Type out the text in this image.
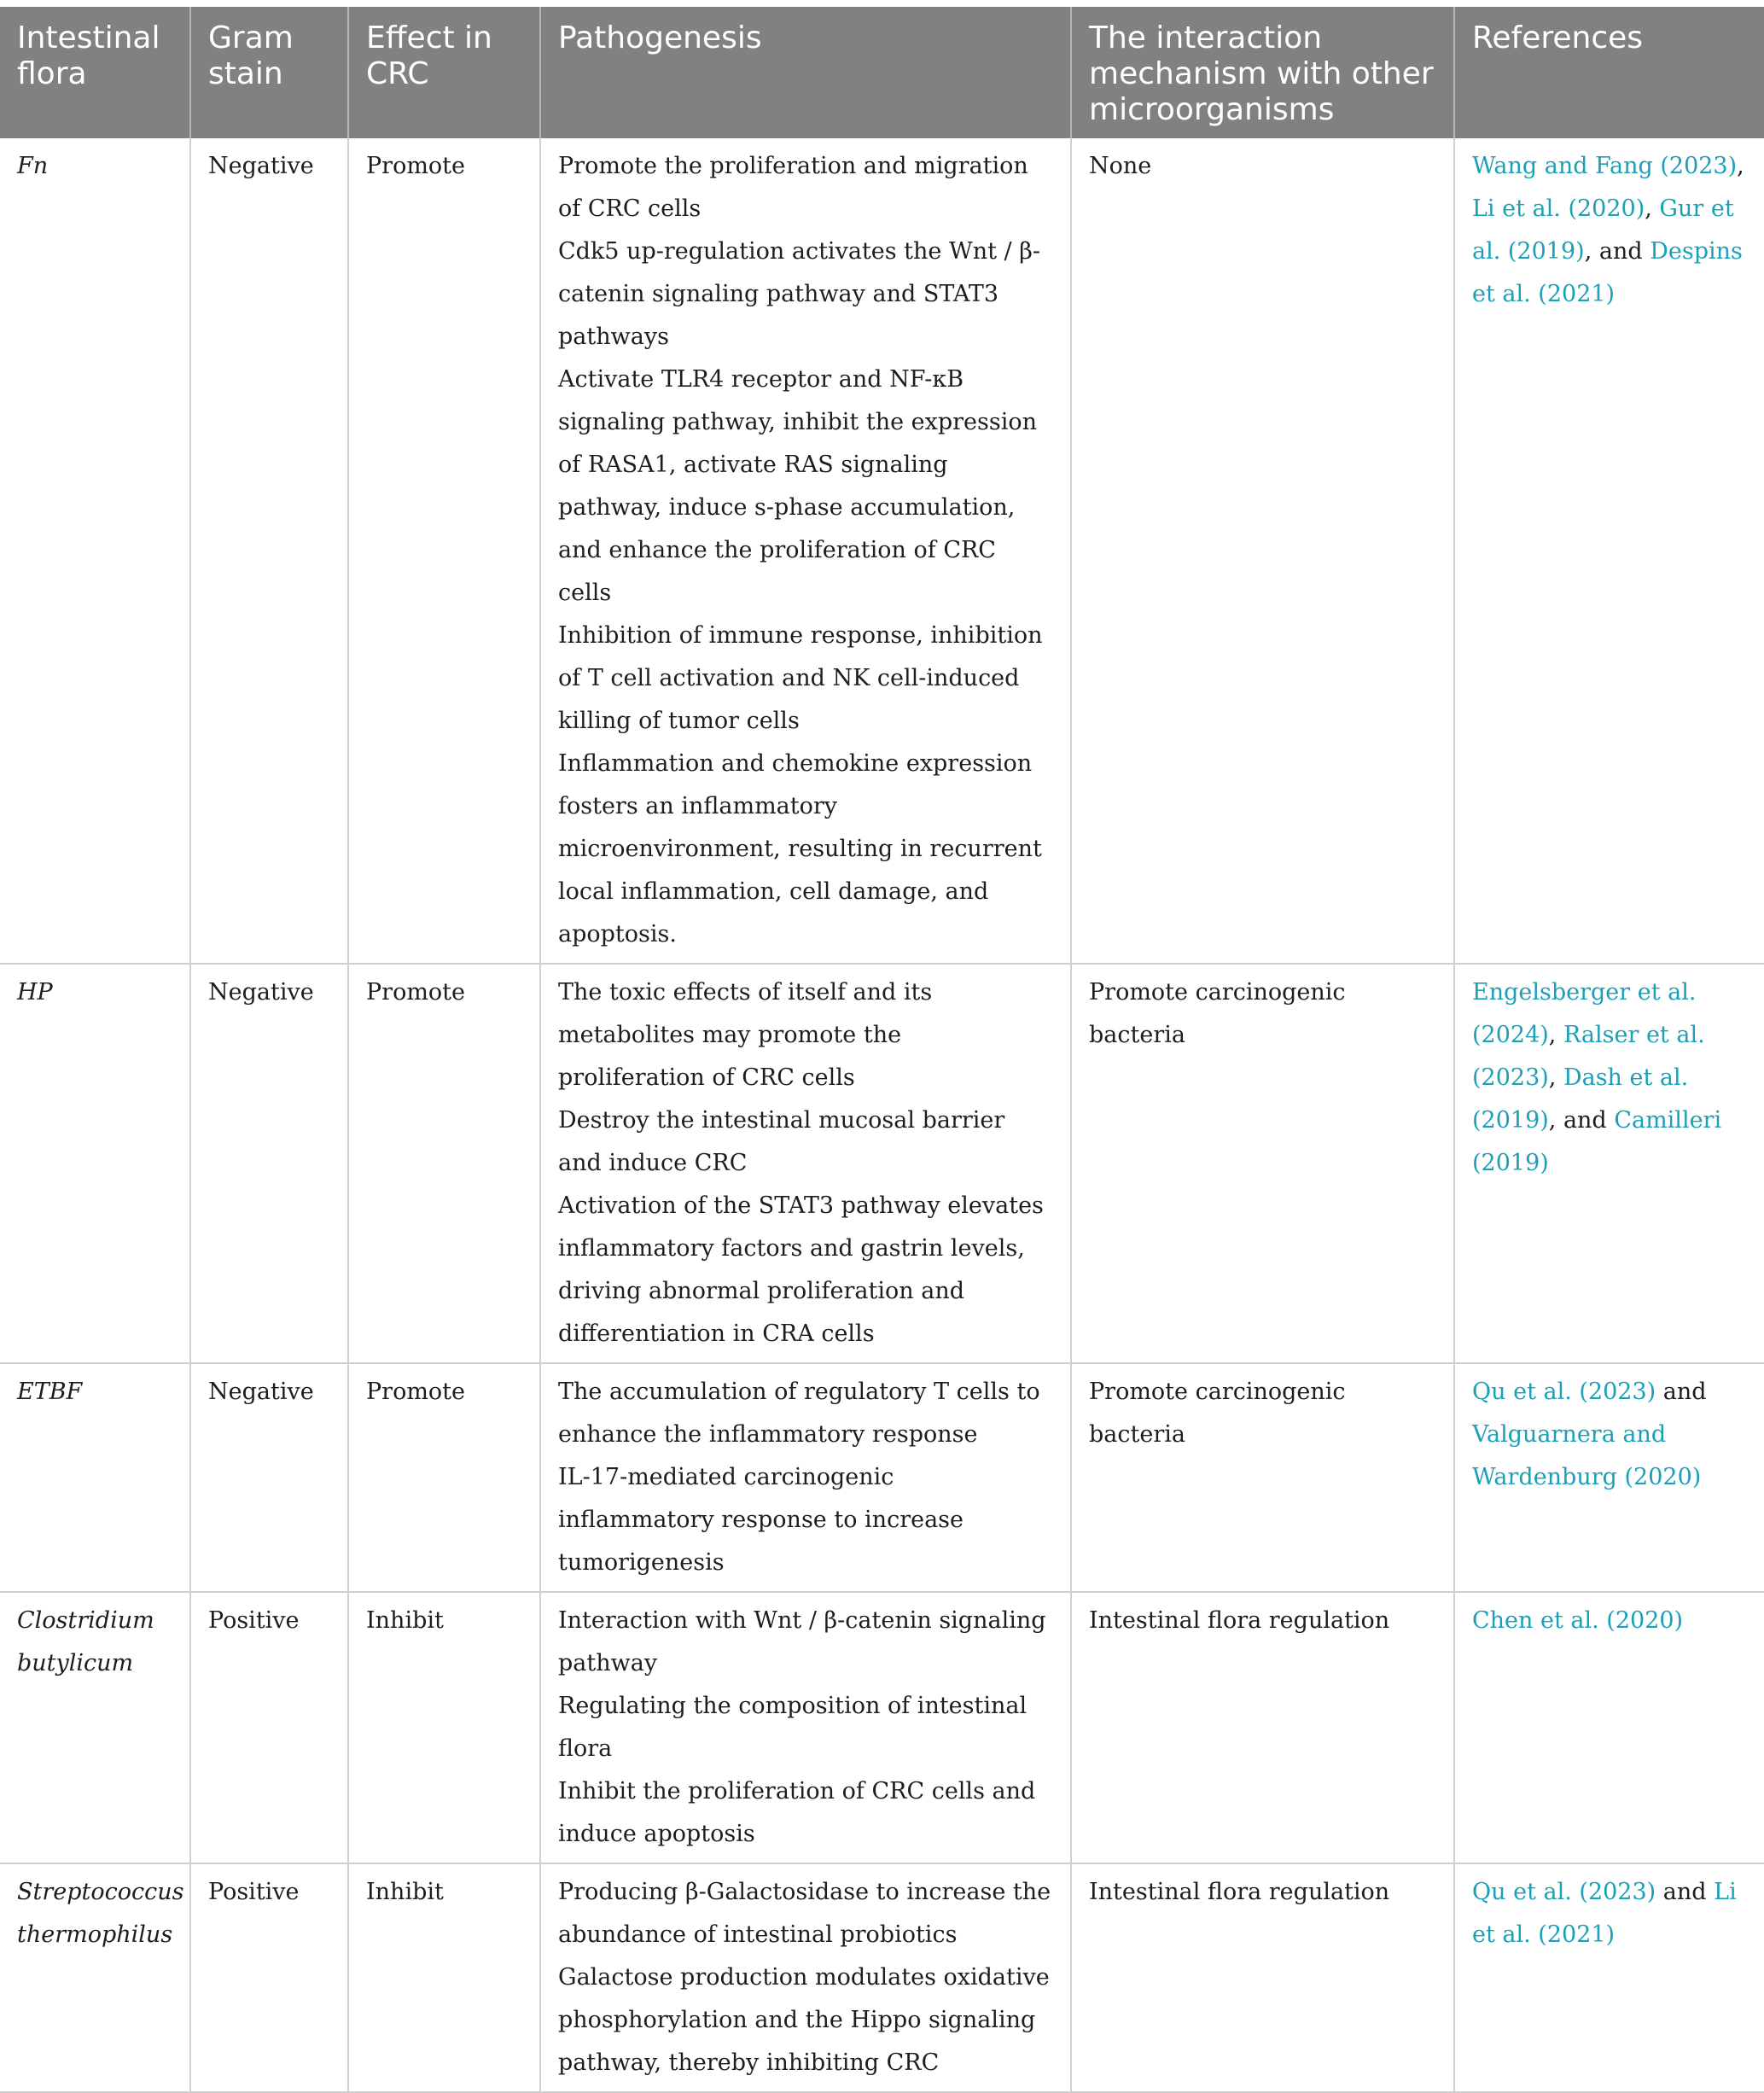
Intestinal flora	Gram stain	Effect in CRC	Pathogenesis	The interaction mechanism with other microorganisms	References
Fn	Negative	Promote	Promote the proliferation and migration of CRC cells
Cdk5 up-regulation activates the Wnt / β-catenin signaling pathway and STAT3 pathways
Activate TLR4 receptor and NF-κB signaling pathway, inhibit the expression of RASA1, activate RAS signaling pathway, induce s-phase accumulation, and enhance the proliferation of CRC cells
Inhibition of immune response, inhibition of T cell activation and NK cell-induced killing of tumor cells
Inflammation and chemokine expression fosters an inflammatory microenvironment, resulting in recurrent local inflammation, cell damage, and apoptosis.	None	Wang and Fang (2023), Li et al. (2020), Gur et al. (2019), and Despins et al. (2021)
HP	Negative	Promote	The toxic effects of itself and its metabolites may promote the proliferation of CRC cells
Destroy the intestinal mucosal barrier and induce CRC
Activation of the STAT3 pathway elevates inflammatory factors and gastrin levels, driving abnormal proliferation and differentiation in CRA cells	Promote carcinogenic bacteria	Engelsberger et al. (2024), Ralser et al. (2023), Dash et al. (2019), and Camilleri (2019)
ETBF	Negative	Promote	The accumulation of regulatory T cells to enhance the inflammatory response
IL-17-mediated carcinogenic inflammatory response to increase tumorigenesis	Promote carcinogenic bacteria	Qu et al. (2023) and Valguarnera and Wardenburg (2020)
Clostridium butylicum	Positive	Inhibit	Interaction with Wnt / β-catenin signaling pathway
Regulating the composition of intestinal flora
Inhibit the proliferation of CRC cells and induce apoptosis	Intestinal flora regulation	Chen et al. (2020)
Streptococcus thermophilus	Positive	Inhibit	Producing β-Galactosidase to increase the abundance of intestinal probiotics
Galactose production modulates oxidative phosphorylation and the Hippo signaling pathway, thereby inhibiting CRC	Intestinal flora regulation	Qu et al. (2023) and Li et al. (2021)
